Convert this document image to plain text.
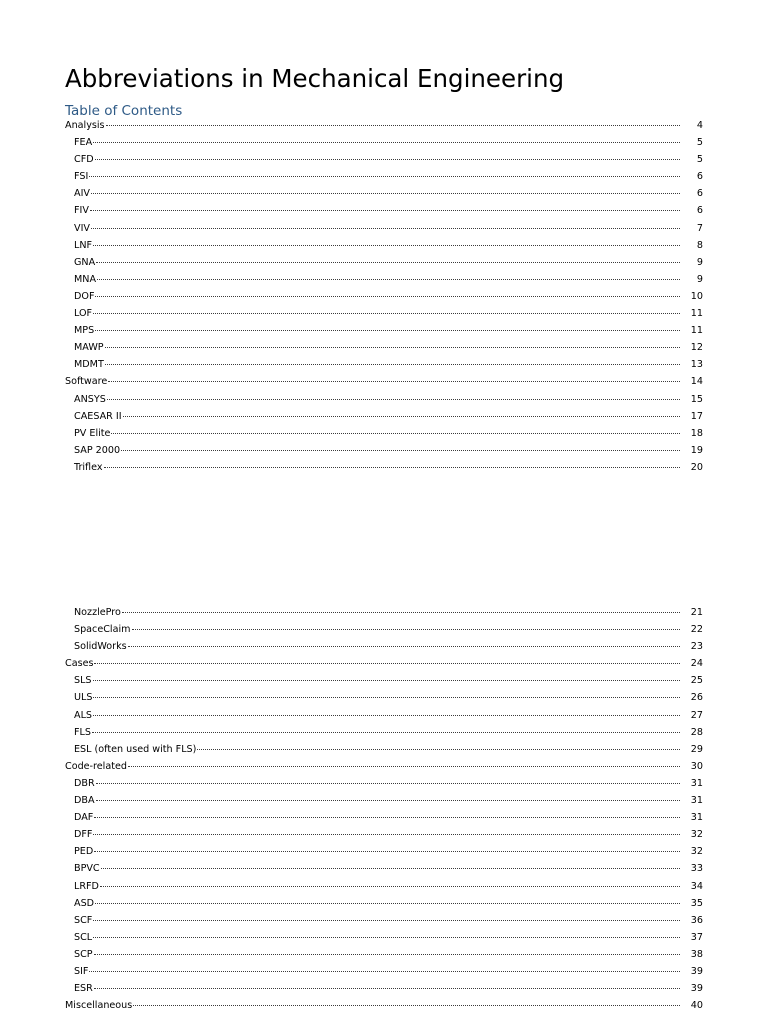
Abbreviations in Mechanical Engineering
Table of Contents
Analysis	4
FEA	5
CFD	5
FSI	6
AIV	6
FIV	6
VIV	7
LNF	8
GNA	9
MNA	9
DOF	10
LOF	11
MPS	11
MAWP	12
MDMT	13
Software	14
ANSYS	15
CAESAR II	17
PV Elite	18
SAP 2000	19
Triflex	20
NozzlePro	21
SpaceClaim	22
SolidWorks	23
Cases	24
SLS	25
ULS	26
ALS	27
FLS	28
ESL (often used with FLS)	29
Code-related	30
DBR	31
DBA	31
DAF	31
DFF	32
PED	32
BPVC	33
LRFD	34
ASD	35
SCF	36
SCL	37
SCP	38
SIF	39
ESR	39
Miscellaneous	40
